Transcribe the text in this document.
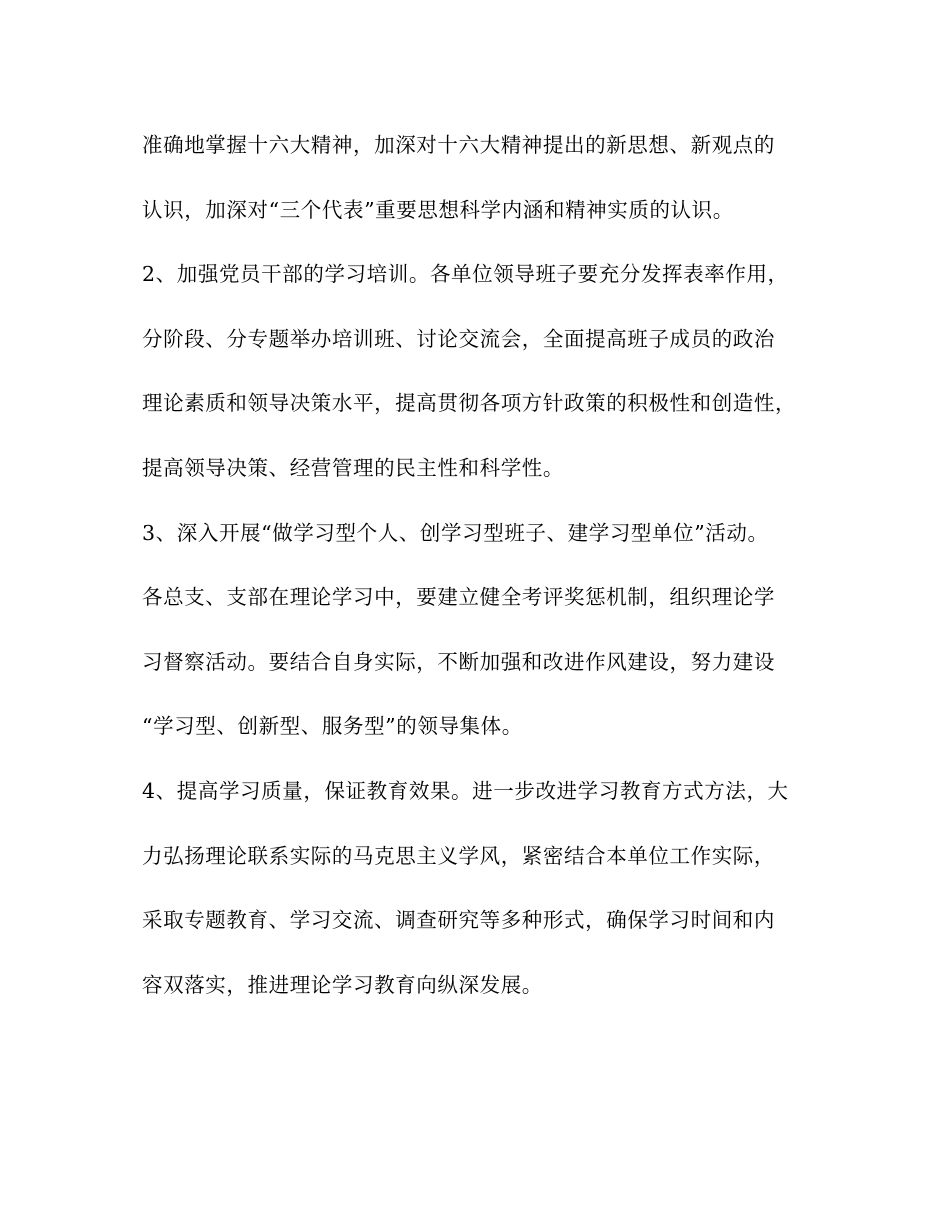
准确地掌握十六大精神，加深对十六大精神提出的新思想、新观点的
认识，加深对“三个代表”重要思想科学内涵和精神实质的认识。
2、加强党员干部的学习培训。各单位领导班子要充分发挥表率作用，
分阶段、分专题举办培训班、讨论交流会，全面提高班子成员的政治
理论素质和领导决策水平，提高贯彻各项方针政策的积极性和创造性，
提高领导决策、经营管理的民主性和科学性。
3、深入开展“做学习型个人、创学习型班子、建学习型单位”活动。
各总支、支部在理论学习中，要建立健全考评奖惩机制，组织理论学
习督察活动。要结合自身实际，不断加强和改进作风建设，努力建设
“学习型、创新型、服务型”的领导集体。
4、提高学习质量，保证教育效果。进一步改进学习教育方式方法，大
力弘扬理论联系实际的马克思主义学风，紧密结合本单位工作实际，
采取专题教育、学习交流、调查研究等多种形式，确保学习时间和内
容双落实，推进理论学习教育向纵深发展。
